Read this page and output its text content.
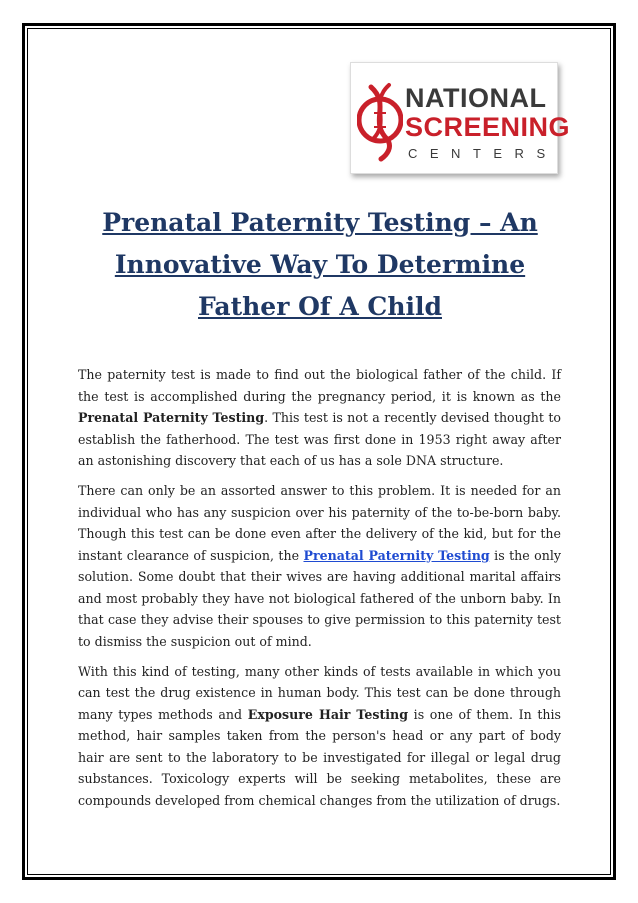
NATIONAL
SCREENING
CENTERS
Prenatal Paternity Testing – An Innovative Way To Determine Father Of A Child

The paternity test is made to find out the biological father of the child. If the test is accomplished during the pregnancy period, it is known as the Prenatal Paternity Testing. This test is not a recently devised thought to establish the fatherhood. The test was first done in 1953 right away after an astonishing discovery that each of us has a sole DNA structure.

There can only be an assorted answer to this problem. It is needed for an individual who has any suspicion over his paternity of the to-be-born baby. Though this test can be done even after the delivery of the kid, but for the instant clearance of suspicion, the Prenatal Paternity Testing is the only solution. Some doubt that their wives are having additional marital affairs and most probably they have not biological fathered of the unborn baby. In that case they advise their spouses to give permission to this paternity test to dismiss the suspicion out of mind.

With this kind of testing, many other kinds of tests available in which you can test the drug existence in human body. This test can be done through many types methods and Exposure Hair Testing is one of them. In this method, hair samples taken from the person's head or any part of body hair are sent to the laboratory to be investigated for illegal or legal drug substances. Toxicology experts will be seeking metabolites, these are compounds developed from chemical changes from the utilization of drugs.
